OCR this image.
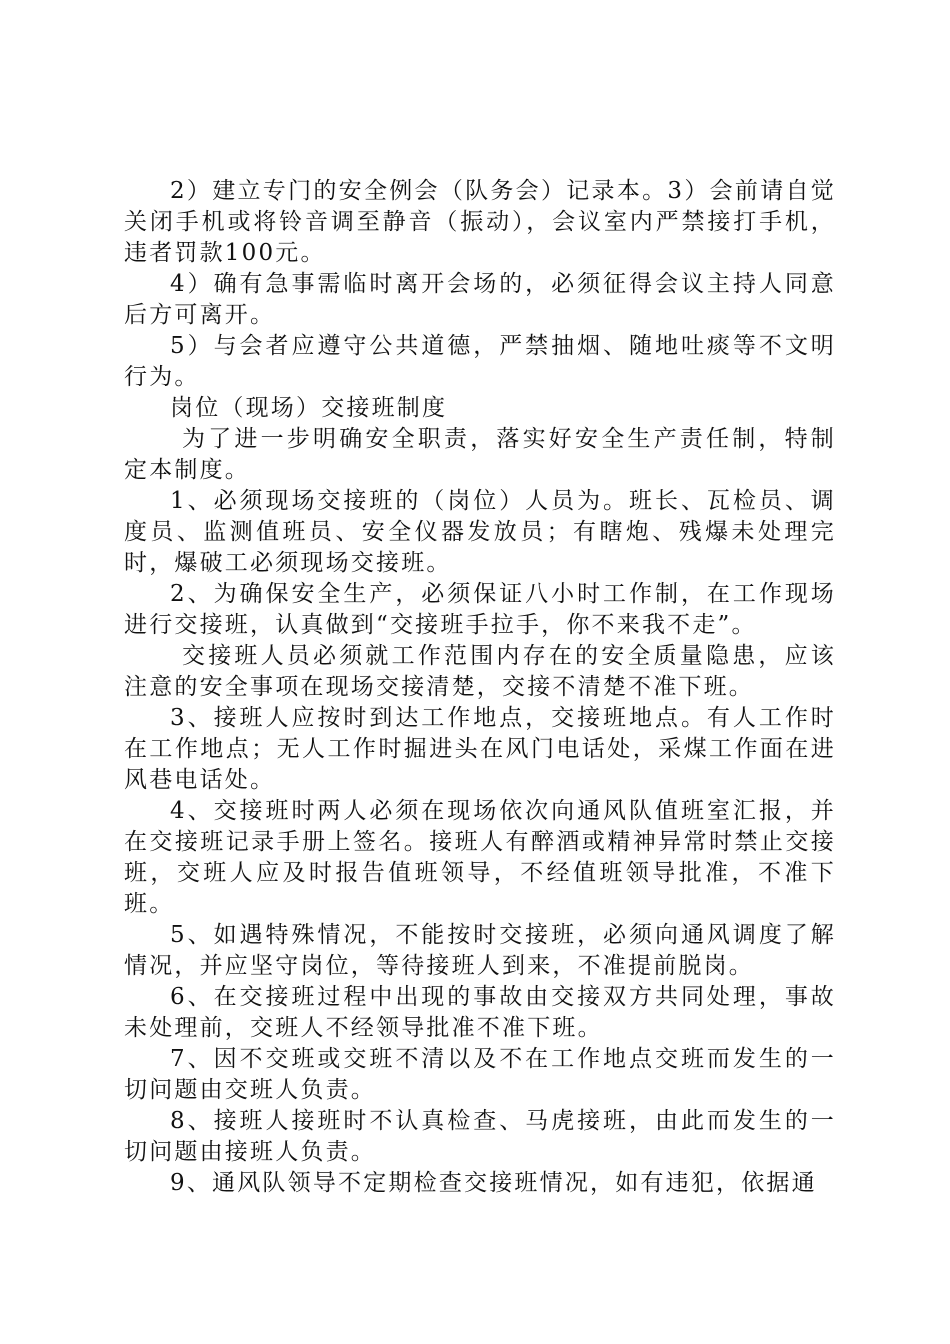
2）建立专门的安全例会（队务会）记录本。3）会前请自觉关闭手机或将铃音调至静音（振动），会议室内严禁接打手机，违者罚款100元。

4）确有急事需临时离开会场的，必须征得会议主持人同意后方可离开。

5）与会者应遵守公共道德，严禁抽烟、随地吐痰等不文明行为。

岗位（现场）交接班制度

为了进一步明确安全职责，落实好安全生产责任制，特制定本制度。

1、必须现场交接班的（岗位）人员为。班长、瓦检员、调度员、监测值班员、安全仪器发放员；有瞎炮、残爆未处理完时，爆破工必须现场交接班。

2、为确保安全生产，必须保证八小时工作制，在工作现场进行交接班，认真做到“交接班手拉手，你不来我不走”。

交接班人员必须就工作范围内存在的安全质量隐患，应该注意的安全事项在现场交接清楚，交接不清楚不准下班。

3、接班人应按时到达工作地点，交接班地点。有人工作时在工作地点；无人工作时掘进头在风门电话处，采煤工作面在进风巷电话处。

4、交接班时两人必须在现场依次向通风队值班室汇报，并在交接班记录手册上签名。接班人有醉酒或精神异常时禁止交接班，交班人应及时报告值班领导，不经值班领导批准，不准下班。

5、如遇特殊情况，不能按时交接班，必须向通风调度了解情况，并应坚守岗位，等待接班人到来，不准提前脱岗。

6、在交接班过程中出现的事故由交接双方共同处理，事故未处理前，交班人不经领导批准不准下班。

7、因不交班或交班不清以及不在工作地点交班而发生的一切问题由交班人负责。

8、接班人接班时不认真检查、马虎接班，由此而发生的一切问题由接班人负责。

9、通风队领导不定期检查交接班情况，如有违犯，依据通
